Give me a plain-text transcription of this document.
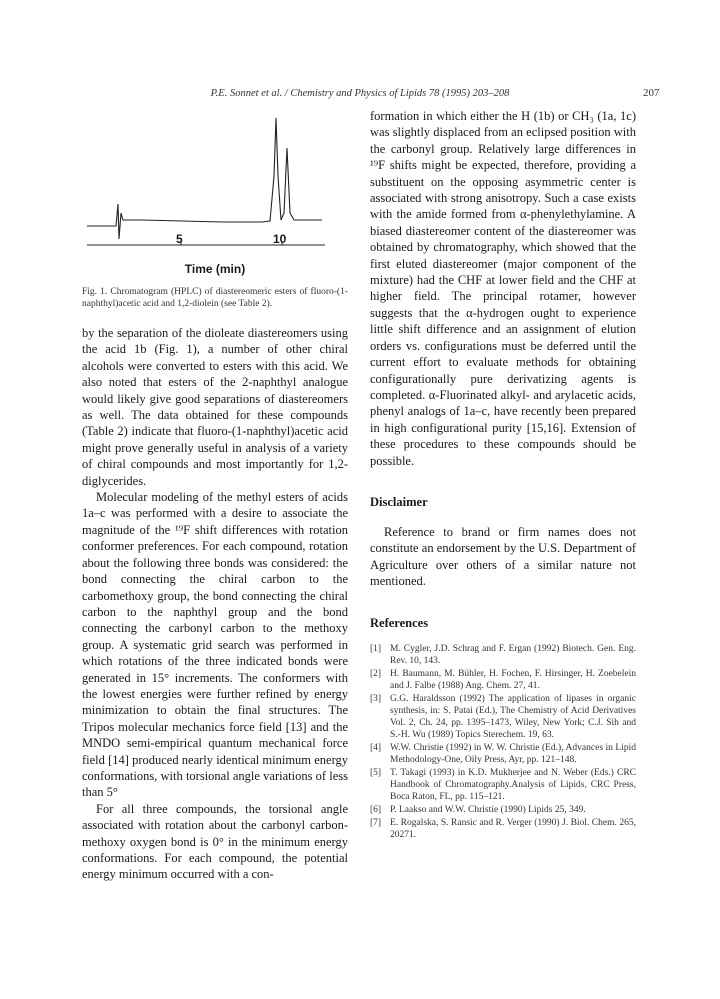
P.E. Sonnet et al. / Chemistry and Physics of Lipids 78 (1995) 203–208	207
5	10
Time (min)

Fig. 1. Chromatogram (HPLC) of diastereomeric esters of fluoro-(1-naphthyl)acetic acid and 1,2-diolein (see Table 2).

by the separation of the dioleate diastereomers using the acid 1b (Fig. 1), a number of other chiral alcohols were converted to esters with this acid. We also noted that esters of the 2-naphthyl analogue would likely give good separations of diastereomers as well. The data obtained for these compounds (Table 2) indicate that fluoro-(1-naphthyl)acetic acid might prove generally useful in analysis of a variety of chiral compounds and most importantly for 1,2-diglycerides.

Molecular modeling of the methyl esters of acids 1a–c was performed with a desire to associate the magnitude of the ¹⁹F shift differences with rotation conformer preferences. For each compound, rotation about the following three bonds was considered: the bond connecting the chiral carbon to the carbomethoxy group, the bond connecting the chiral carbon to the naphthyl group and the bond connecting the carbonyl carbon to the methoxy group. A systematic grid search was performed in which rotations of the three indicated bonds were generated in 15° increments. The conformers with the lowest energies were further refined by energy minimization to obtain the final structures. The Tripos molecular mechanics force field [13] and the MNDO semi-empirical quantum mechanical force field [14] produced nearly identical minimum energy conformations, with torsional angle variations of less than 5°

For all three compounds, the torsional angle associated with rotation about the carbonyl carbon-methoxy oxygen bond is 0° in the minimum energy conformations. For each compound, the potential energy minimum occurred with a con-

formation in which either the H (1b) or CH₃ (1a, 1c) was slightly displaced from an eclipsed position with the carbonyl group. Relatively large differences in ¹⁹F shifts might be expected, therefore, providing a substituent on the opposing asymmetric center is associated with strong anisotropy. Such a case exists with the amide formed from α-phenylethylamine. A biased diastereomer content of the diastereomer was obtained by chromatography, which showed that the first eluted diastereomer (major component of the mixture) had the CHF at lower field and the CHF at higher field. The principal rotamer, however suggests that the α-hydrogen ought to experience little shift difference and an assignment of elution orders vs. configurations must be deferred until the current effort to evaluate methods for obtaining configurationally pure derivatizing agents is completed. α-Fluorinated alkyl- and arylacetic acids, phenyl analogs of 1a–c, have recently been prepared in high configurational purity [15,16]. Extension of these procedures to these compounds should be possible.

Disclaimer

Reference to brand or firm names does not constitute an endorsement by the U.S. Department of Agriculture over others of a similar nature not mentioned.

References
[1] M. Cygler, J.D. Schrag and F. Ergan (1992) Biotech. Gen. Eng. Rev. 10, 143.
[2] H. Baumann, M. Bühler, H. Fochen, F. Hirsinger, H. Zoebelein and J. Falbe (1988) Ang. Chem. 27, 41.
[3] G.G. Haraldsson (1992) The application of lipases in organic synthesis, in: S. Patai (Ed.), The Chemistry of Acid Derivatives Vol. 2, Ch. 24, pp. 1395–1473, Wiley, New York; C.J. Sih and S.-H. Wu (1989) Topics Sterechem. 19, 63.
[4] W.W. Christie (1992) in W. W. Christie (Ed.), Advances in Lipid Methodology-One, Oily Press, Ayr, pp. 121–148.
[5] T. Takagi (1993) in K.D. Mukherjee and N. Weber (Eds.) CRC Handbook of Chromatography.Analysis of Lipids, CRC Press, Boca Raton, FL, pp. 115–121.
[6] P. Laakso and W.W. Christie (1990) Lipids 25, 349.
[7] E. Rogalska, S. Ransic and R. Verger (1990) J. Biol. Chem. 265, 20271.
